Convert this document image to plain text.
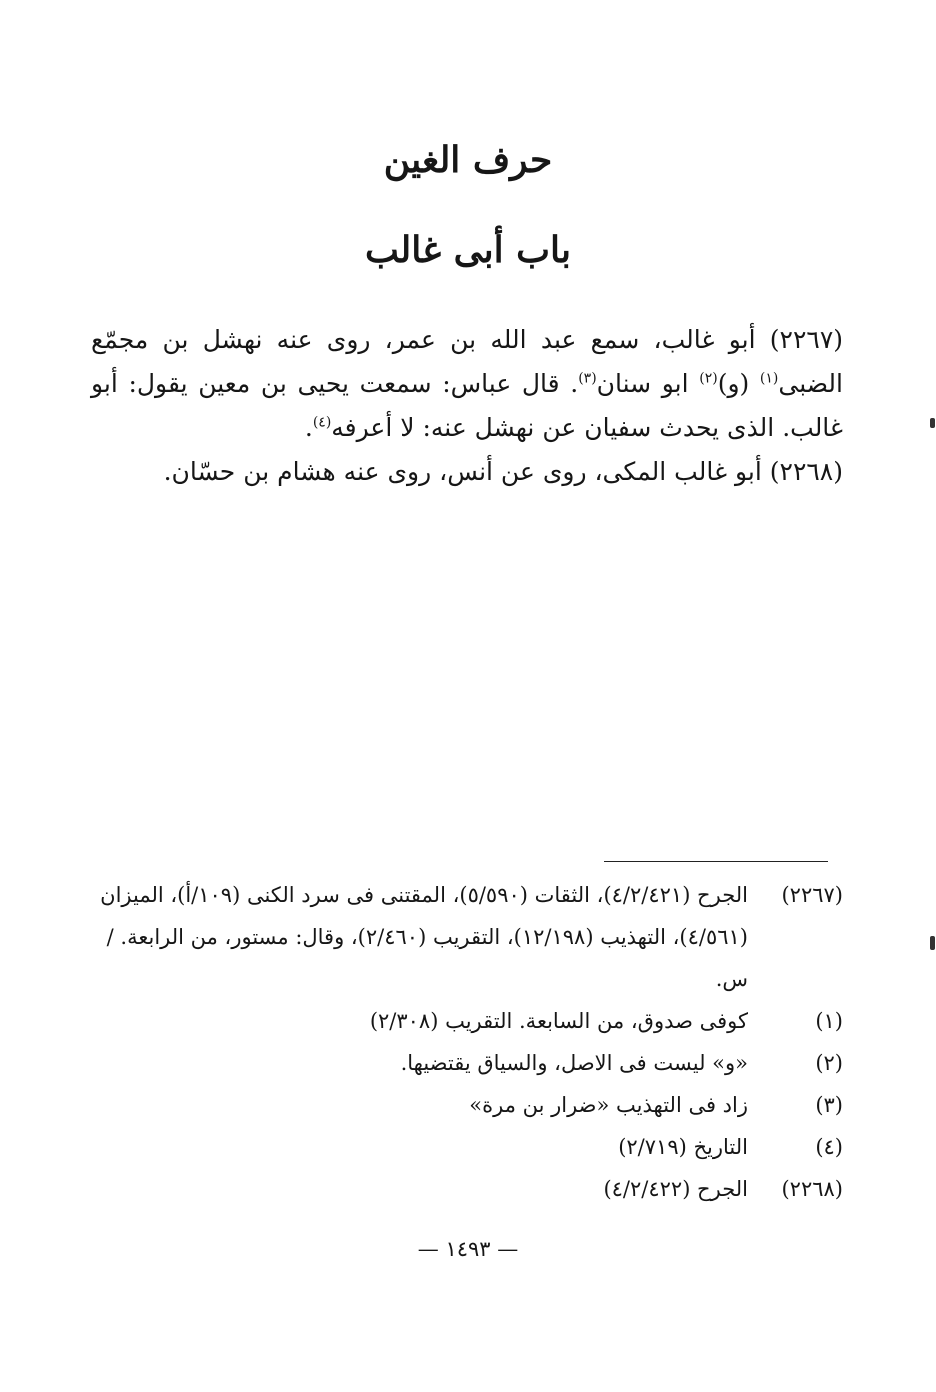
حرف الغين
باب أبى غالب

(٢٢٦٧) أبو غالب، سمع عبد الله بن عمر، روى عنه نهشل بن مجمّع الضبى$^{(١)}$ (و)$^{(٢)}$ ابو سنان$^{(٣)}$. قال عباس: سمعت يحيى بن معين يقول: أبو غالب. الذى يحدث سفيان عن نهشل عنه: لا أعرفه$^{(٤)}$.

(٢٢٦٨) أبو غالب المكى، روى عن أنس، روى عنه هشام بن حسّان.

(٢٢٦٧)
الجرح (٤/٢/٤٢١)، الثقات (٥/٥٩٠)، المقتنى فى سرد الكنى (١٠٩/أ)، الميزان (٤/٥٦١)، التهذيب (١٢/١٩٨)، التقريب (٢/٤٦٠)، وقال: مستور، من الرابعة. /س.
(١)
كوفى صدوق، من السابعة. التقريب (٢/٣٠٨)
(٢)
«و» ليست فى الاصل، والسياق يقتضيها.
(٣)
زاد فى التهذيب «ضرار بن مرة»
(٤)
التاريخ (٢/٧١٩)
(٢٢٦٨)
الجرح (٤/٢/٤٢٢)
— ١٤٩٣ —
